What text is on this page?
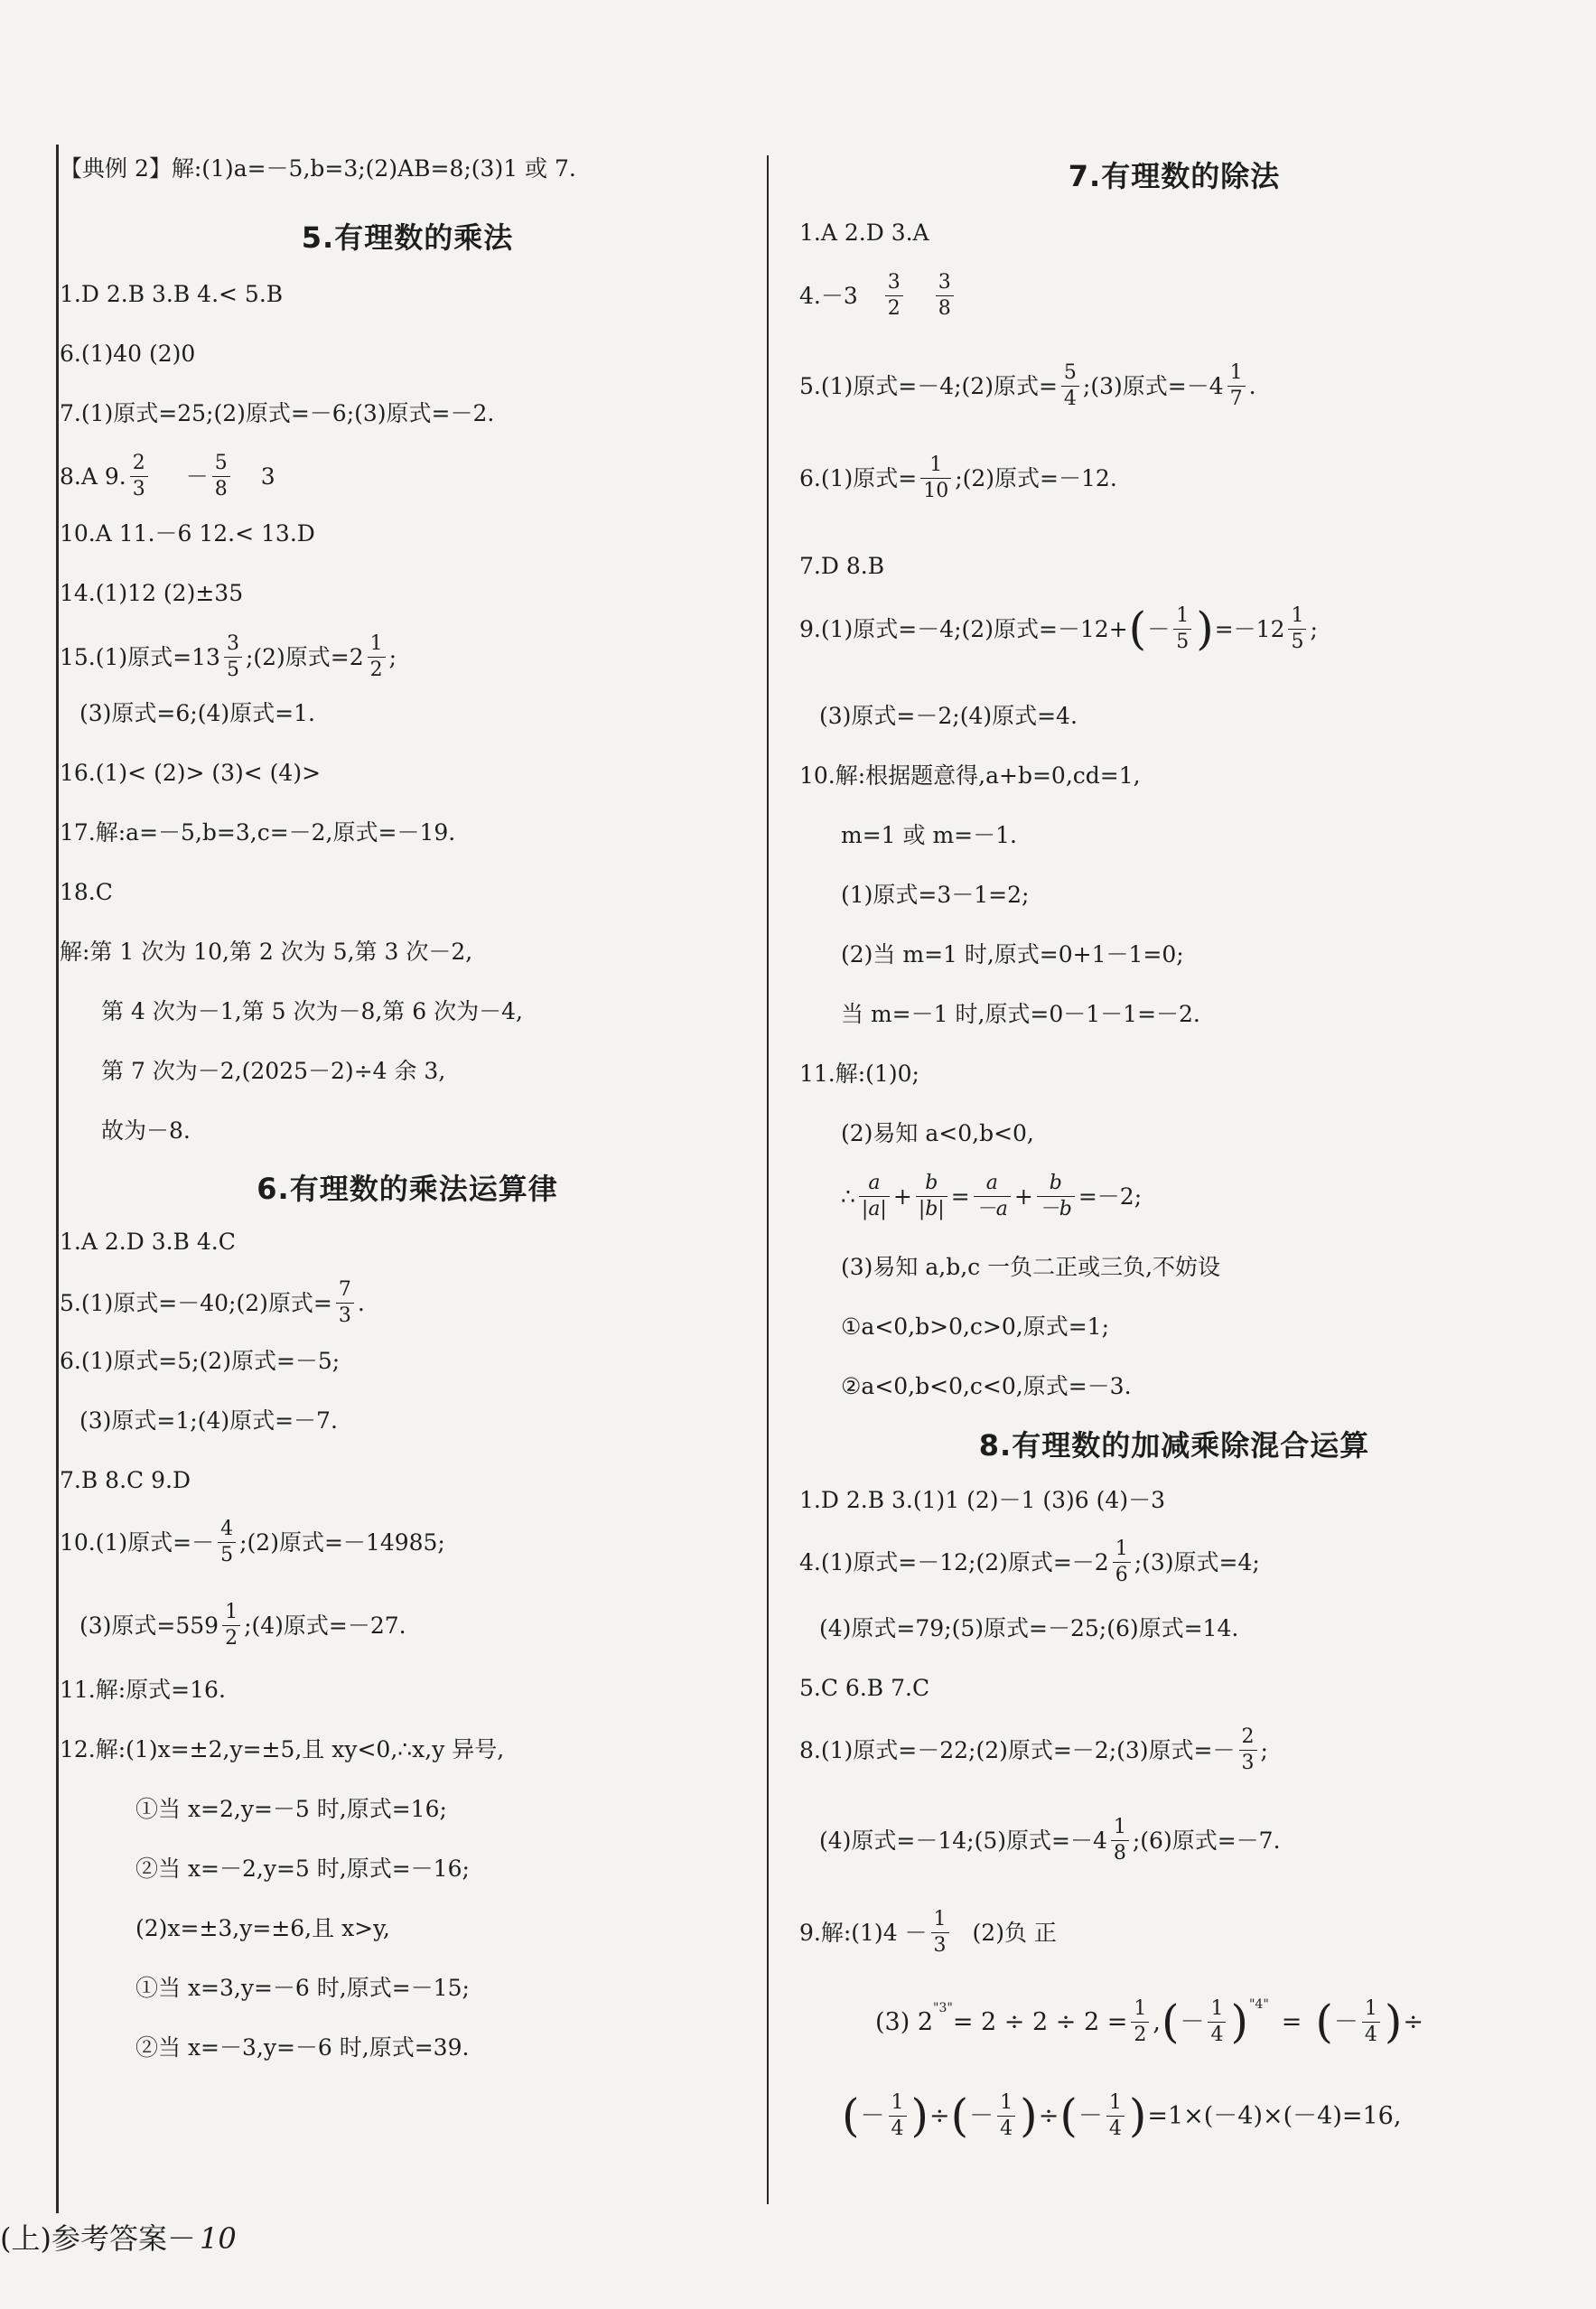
【典例 2】解:(1)a=－5,b=3;(2)AB=8;(3)1 或 7.
5.有理数的乘法
1.D 2.B 3.B 4.< 5.B
6.(1)40 (2)0
7.(1)原式=25;(2)原式=－6;(3)原式=－2.
8.A 9. $\frac{2}{3} - \frac{5}{8} 3$
10.A 11.－6 12.< 13.D
14.(1)12 (2)±35
15.(1)原式$=13 \frac{3}{5}$ ;(2)原式$=2 \frac{1}{2}$ ;
(3)原式=6;(4)原式=1.
16.(1)< (2)> (3)< (4)>
17.解:a=－5,b=3,c=－2,原式=－19.
18.C
解:第 1 次为 10,第 2 次为 5,第 3 次－2,
第 4 次为－1,第 5 次为－8,第 6 次为－4,
第 7 次为－2,(2025－2)÷4 余 3,
故为－8.
6.有理数的乘法运算律
1.A 2.D 3.B 4.C
5.(1)原式=－40;(2)原式= $\frac{7}{3}$ .
6.(1)原式=5;(2)原式=－5;
(3)原式=1;(4)原式=－7.
7.B 8.C 9.D
10.(1)原式=－ $\frac{4}{5}$ ;(2)原式=－14985;
(3)原式$=559 \frac{1}{2}$ ;(4)原式=－27.
11.解:原式=16.
12.解:(1)x=±2,y=±5,且 xy<0,∴x,y 异号,
①当 x=2,y=－5 时,原式=16;
②当 x=－2,y=5 时,原式=－16;
(2)x=±3,y=±6,且 x>y,
①当 x=3,y=－6 时,原式=－15;
②当 x=－3,y=－6 时,原式=39.
7.有理数的除法
1.A 2.D 3.A
$4.-3 \frac{3}{2} \frac{3}{8}$
5.(1)原式=－4;(2)原式= $\frac{5}{4}$ ;(3)原式$=-4 \frac{1}{7}$ .
6.(1)原式= $\frac{1}{10}$ ;(2)原式=－12.
7.D 8.B
9.(1)原式=－4;(2)原式=－12+ ( － $\frac{1}{5}$ ) $=-12 \frac{1}{5}$ ;
(3)原式=－2;(4)原式=4.
10.解:根据题意得,a+b=0,cd=1,
m=1 或 m=－1.
(1)原式=3－1=2;
(2)当 m=1 时,原式=0+1－1=0;
当 m=－1 时,原式=0－1－1=－2.
11.解:(1)0;
(2)易知 a<0,b<0,
∴ $\frac{a}{|a|} + \frac{b}{|b|} = \frac{a}{-a} + \frac{b}{-b} =-2$;
(3)易知 a,b,c 一负二正或三负,不妨设
①a<0,b>0,c>0,原式=1;
②a<0,b<0,c<0,原式=－3.
8.有理数的加减乘除混合运算
1.D 2.B 3.(1)1 (2)－1 (3)6 (4)－3
4.(1)原式=－12;(2)原式$=-2 \frac{1}{6}$ ;(3)原式=4;
(4)原式=79;(5)原式=－25;(6)原式=14.
5.C 6.B 7.C
8.(1)原式=－22;(2)原式=－2;(3)原式=－ $\frac{2}{3}$ ;
(4)原式=－14;(5)原式$=-4 \frac{1}{8}$ ;(6)原式=－7.
9.解:(1)4 － $\frac{1}{3} (2)$负 正
(3) 2 "3" = $2 \div 2 \div 2 = \frac{1}{2}$ , ( － $\frac{1}{4}$ ) "4"
= ( － $\frac{1}{4}$ ) ÷
( － $\frac{1}{4}$ ) ÷ ( － $\frac{1}{4}$ ) ÷ ( － $\frac{1}{4}$ ) =1×(－4)×(－4)=16,
(上)参考答案－ 10
